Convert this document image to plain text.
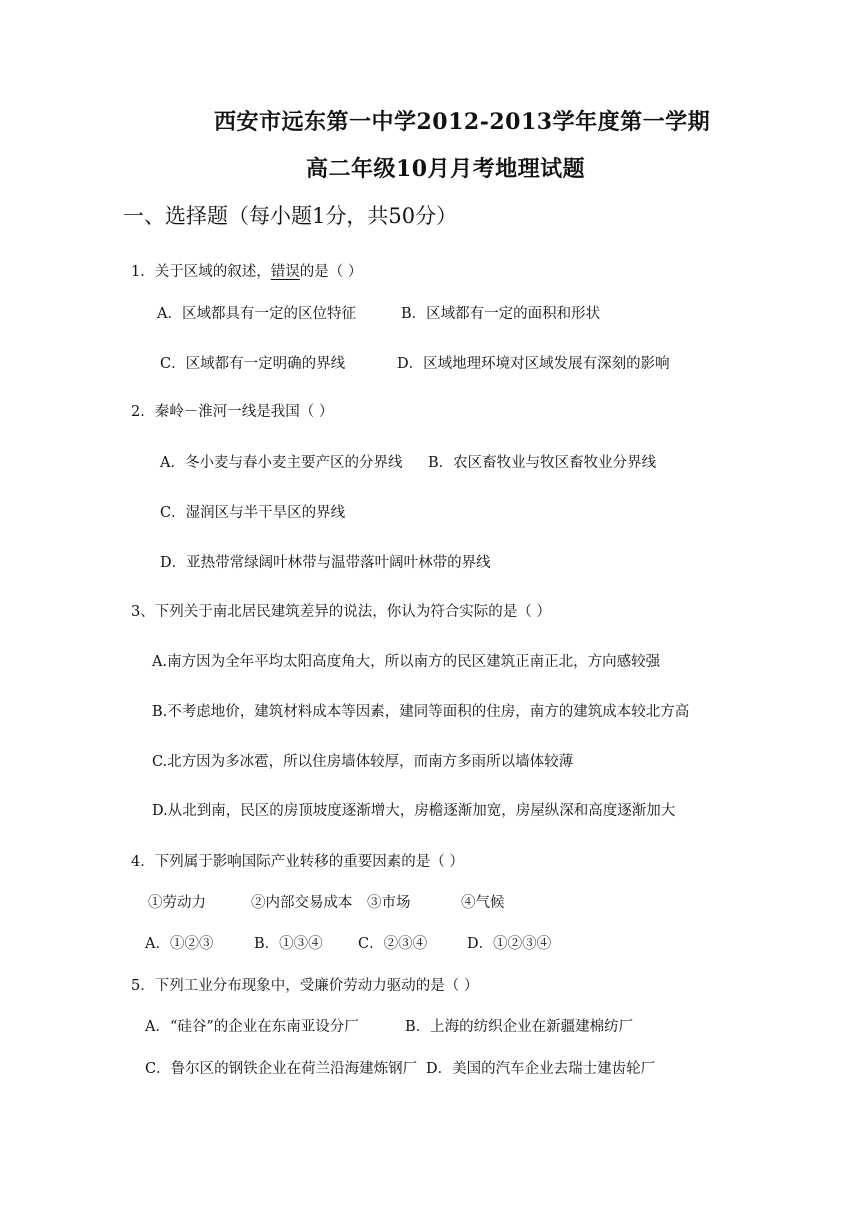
西安市远东第一中学2012-2013学年度第一学期
高二年级10月月考地理试题
一、选择题（每小题1分，共50分）
1．关于区域的叙述，错误的是（ ）
A．区域都具有一定的区位特征	B．区域都有一定的面积和形状
C．区域都有一定明确的界线	D．区域地理环境对区域发展有深刻的影响
2．秦岭－淮河一线是我国（ ）
A．冬小麦与春小麦主要产区的分界线 B．农区畜牧业与牧区畜牧业分界线
C．湿润区与半干旱区的界线
D．亚热带常绿阔叶林带与温带落叶阔叶林带的界线
3、下列关于南北居民建筑差异的说法，你认为符合实际的是（ ）
A.南方因为全年平均太阳高度角大，所以南方的民区建筑正南正北，方向感较强
B.不考虑地价，建筑材料成本等因素，建同等面积的住房，南方的建筑成本较北方高
C.北方因为多冰雹，所以住房墙体较厚，而南方多雨所以墙体较薄
D.从北到南，民区的房顶坡度逐渐增大，房檐逐渐加宽，房屋纵深和高度逐渐加大
4．下列属于影响国际产业转移的重要因素的是（ ）
①劳动力	②内部交易成本 ③市场	④气候
A．①②③	B．①③④ C．②③④	D．①②③④
5．下列工业分布现象中，受廉价劳动力驱动的是（ ）
A．“硅谷”的企业在东南亚设分厂	B．上海的纺织企业在新疆建棉纺厂
C．鲁尔区的钢铁企业在荷兰沿海建炼钢厂 D．美国的汽车企业去瑞士建齿轮厂
